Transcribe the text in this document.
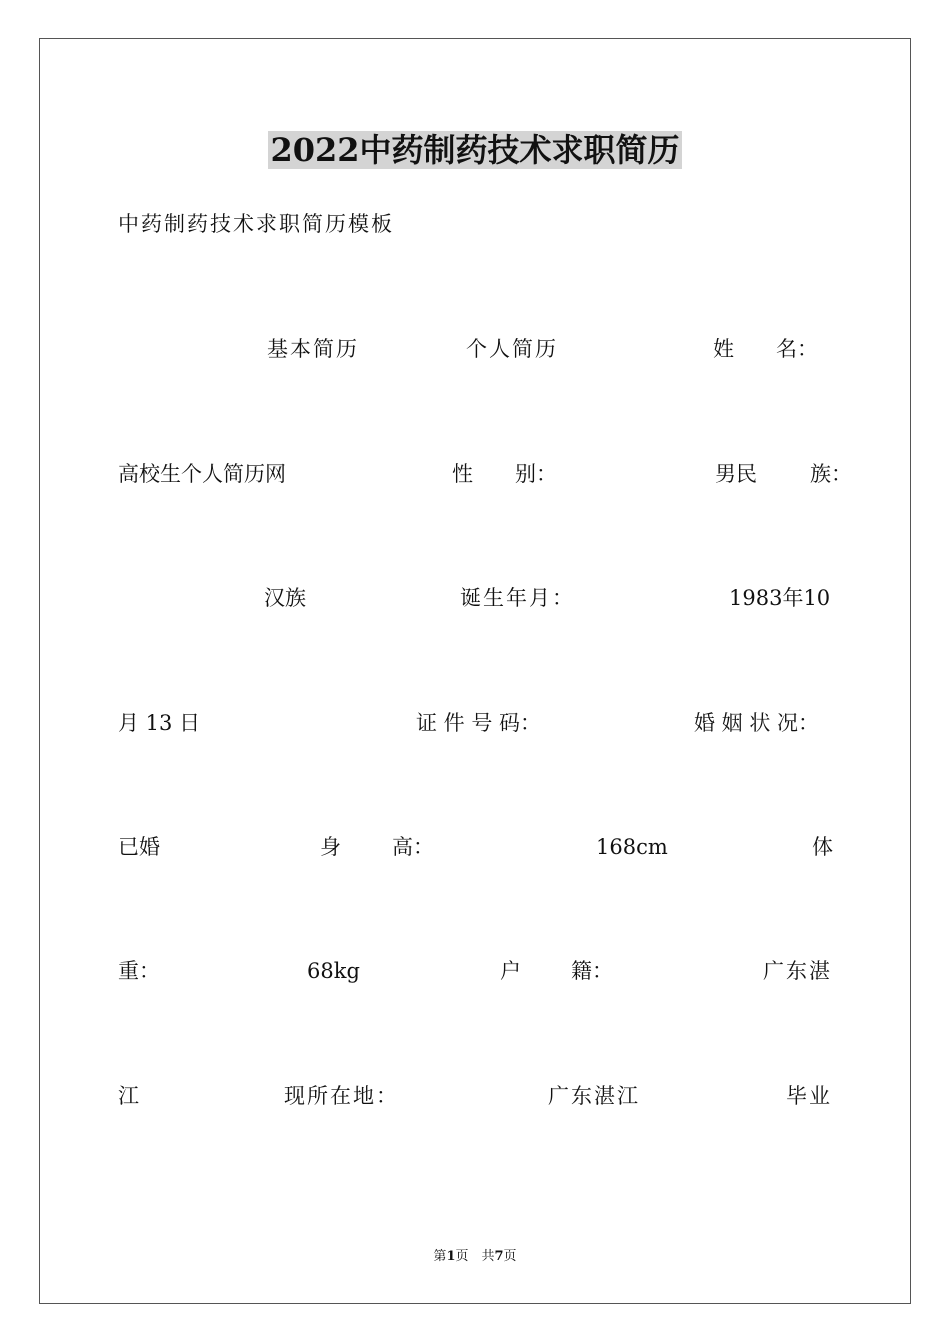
2022中药制药技术求职简历
中药制药技术求职简历模板
基本简历	个人简历	姓　　名：
高校生个人简历网	性　　别：	男民	族：
汉族	诞生年月：	1983年10
月 13 日	证 件 号 码：	婚 姻 状 况：
已婚	身 高：	168cm	体
重：	68kg	户 籍：	广东湛
江	现所在地：	广东湛江	毕业
第1页　共7页
